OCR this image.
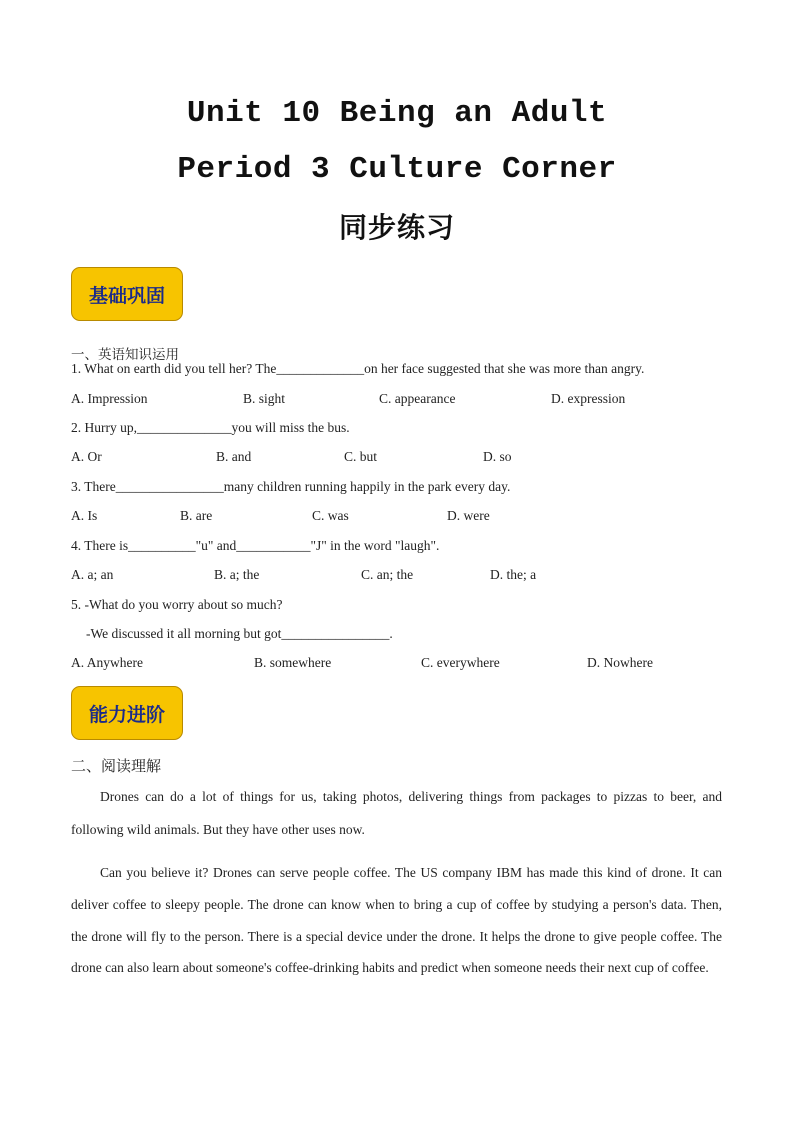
Unit 10 Being an Adult
Period 3 Culture Corner
同步练习
基础巩固
一、英语知识运用
1. What on earth did you tell her? The_____________on her face suggested that she was more than angry.
A. Impression	B. sight	C. appearance	D. expression
2. Hurry up,______________you will miss the bus.
A. Or	B. and	C. but	D. so
3. There________________many children running happily in the park every day.
A. Is	B. are	C. was	D. were
4. There is__________"u" and___________"J" in the word "laugh".
A. a; an	B. a; the	C. an; the	D. the; a
5. -What do you worry about so much?
-We discussed it all morning but got________________.
A. Anywhere	B. somewhere	C. everywhere	D. Nowhere
能力进阶
二、阅读理解

Drones can do a lot of things for us, taking photos, delivering things from packages to pizzas to beer, and following wild animals. But they have other uses now.

Can you believe it? Drones can serve people coffee. The US company IBM has made this kind of drone. It can deliver coffee to sleepy people. The drone can know when to bring a cup of coffee by studying a person's data. Then, the drone will fly to the person. There is a special device under the drone. It helps the drone to give people coffee. The drone can also learn about someone's coffee-drinking habits and predict when someone needs their next cup of coffee.
